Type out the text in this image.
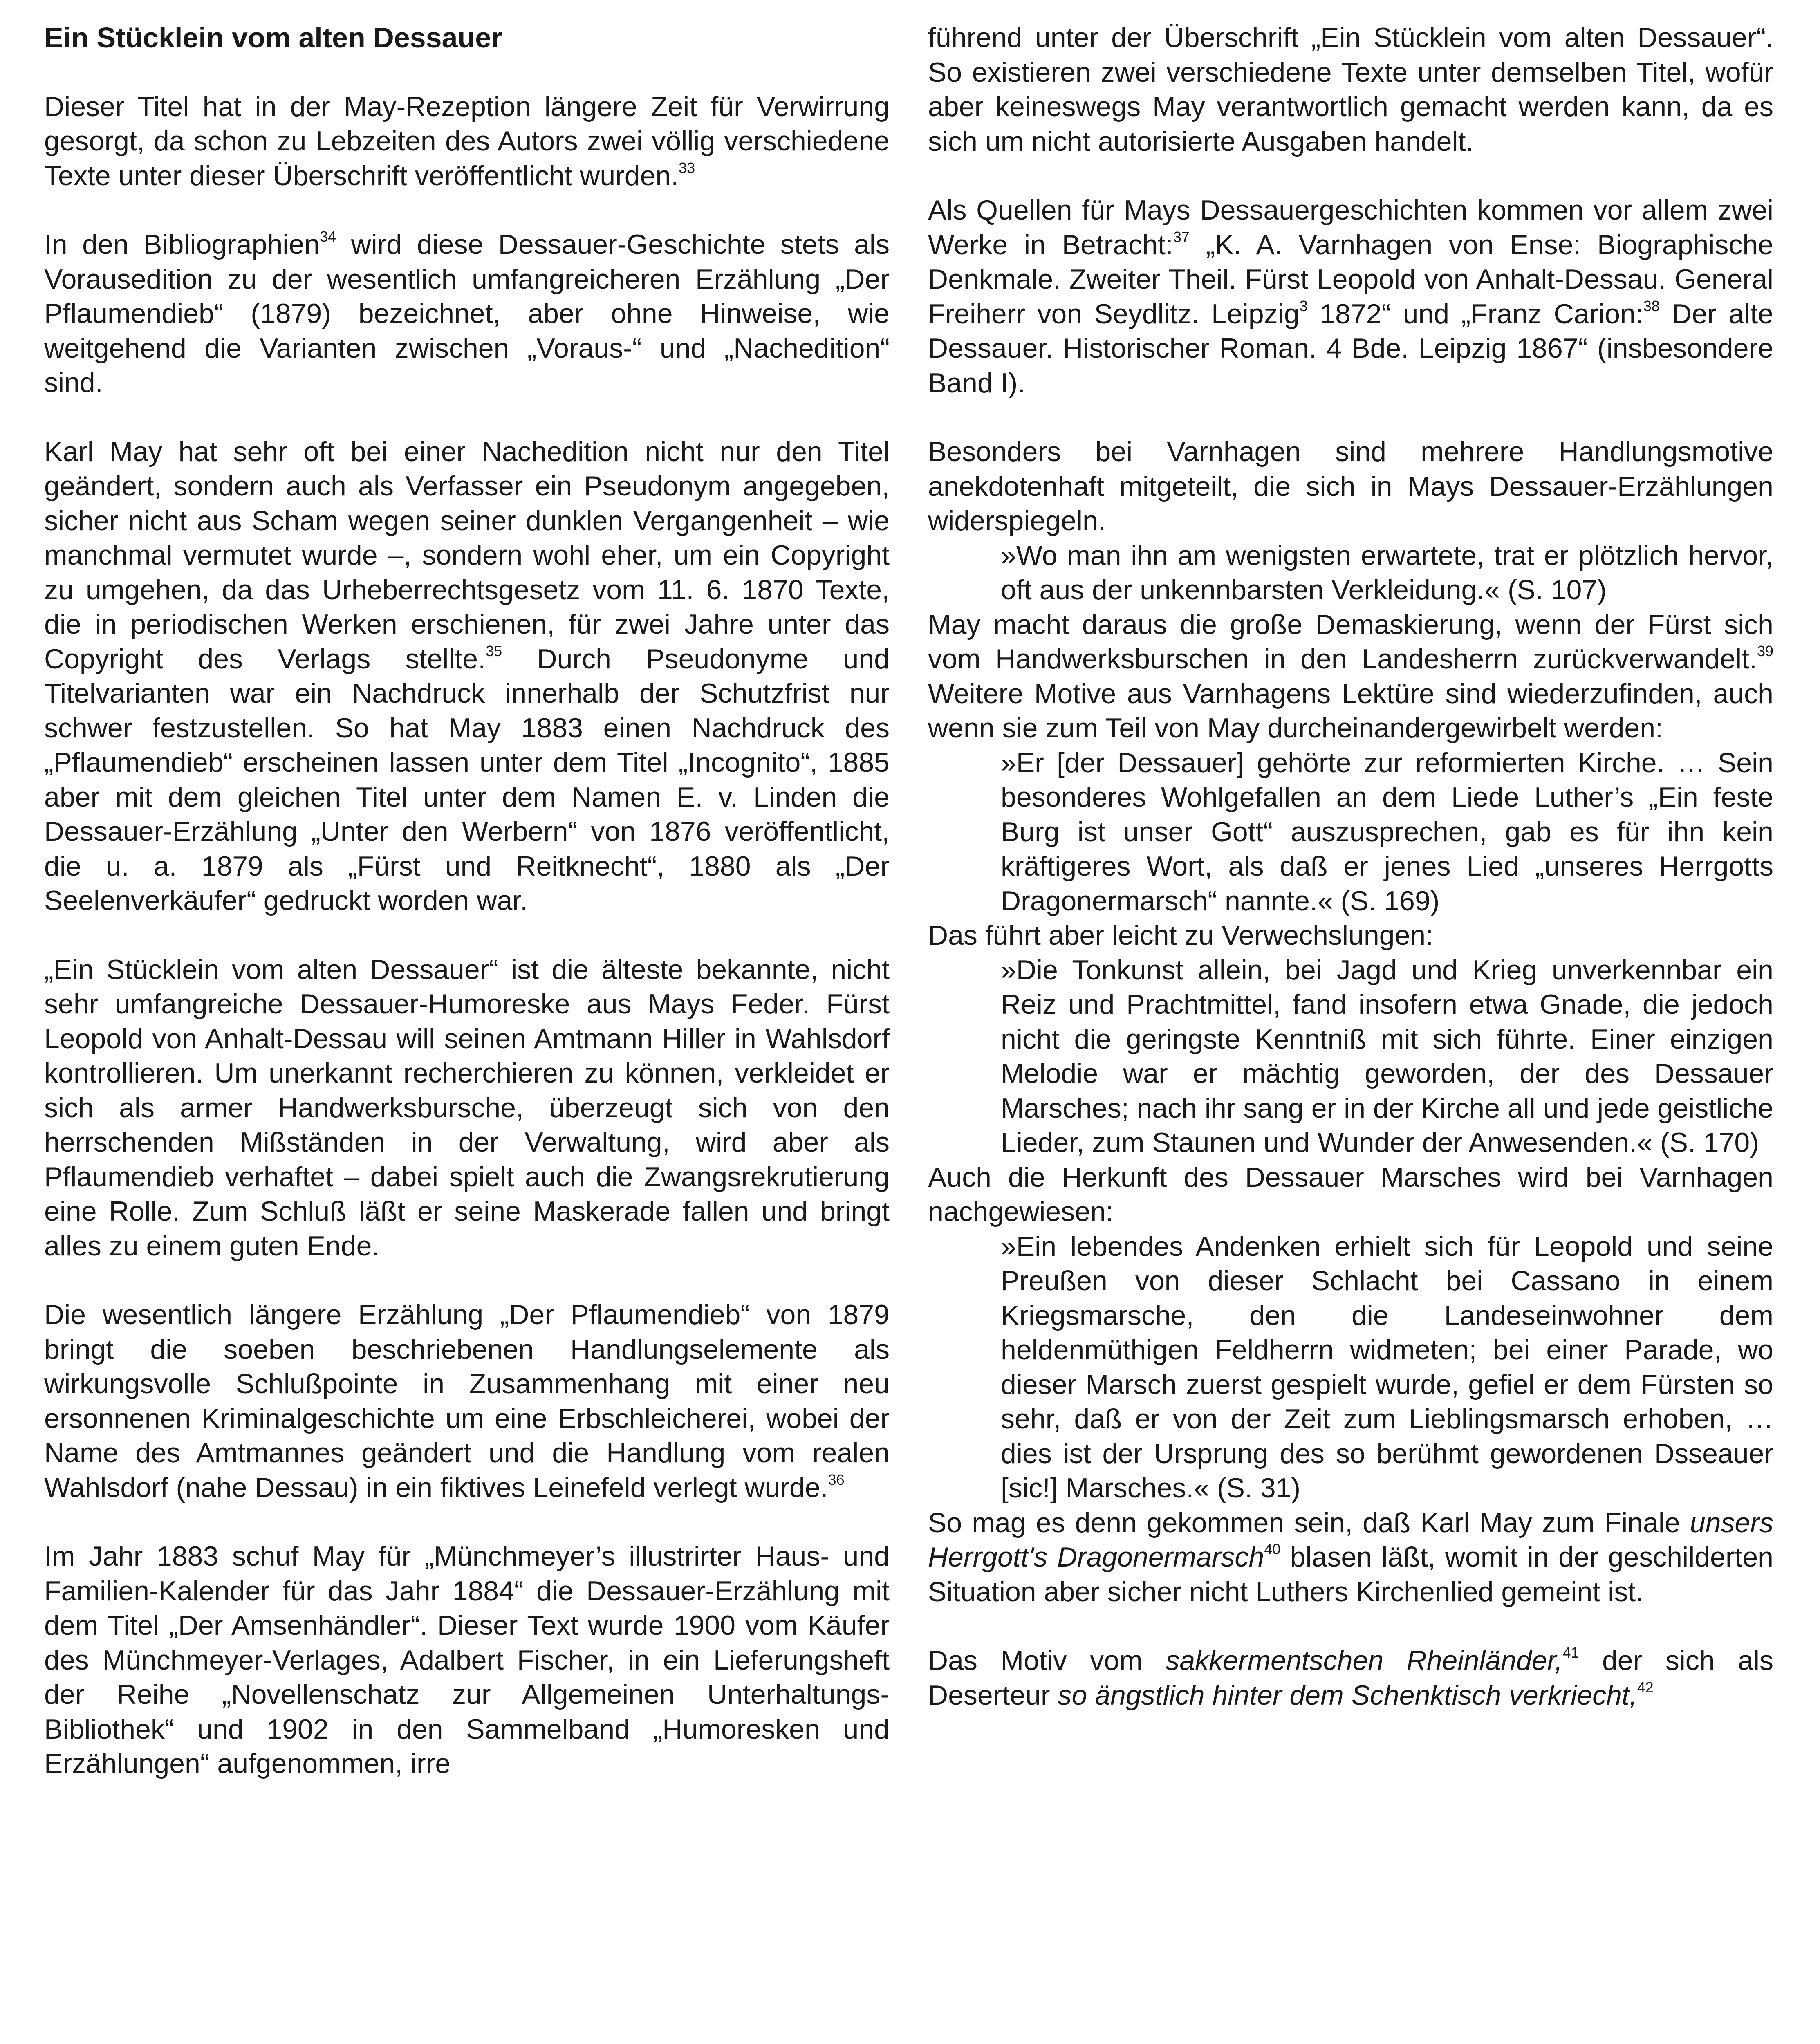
Ein Stücklein vom alten Dessauer

Dieser Titel hat in der May-Rezeption längere Zeit für Verwirrung gesorgt, da schon zu Lebzeiten des Autors zwei völlig verschiedene Texte unter dieser Überschrift veröffentlicht wurden.$^{33}$

In den Bibliographien$^{34}$ wird diese Dessauer-Geschichte stets als Vorausedition zu der wesentlich umfangreicheren Erzählung „Der Pflaumendieb“ (1879) bezeichnet, aber ohne Hinweise, wie weitgehend die Varianten zwischen „Voraus-“ und „Nachedition“ sind.

Karl May hat sehr oft bei einer Nachedition nicht nur den Titel geändert, sondern auch als Verfasser ein Pseudonym angegeben, sicher nicht aus Scham wegen seiner dunklen Vergangenheit – wie manchmal vermutet wurde –, sondern wohl eher, um ein Copyright zu umgehen, da das Urheberrechtsgesetz vom 11. 6. 1870 Texte, die in periodischen Werken erschienen, für zwei Jahre unter das Copyright des Verlags stellte.$^{35}$ Durch Pseudonyme und Titelvarianten war ein Nachdruck innerhalb der Schutzfrist nur schwer festzustellen. So hat May 1883 einen Nachdruck des „Pflaumendieb“ erscheinen lassen unter dem Titel „Incognito“, 1885 aber mit dem gleichen Titel unter dem Namen E. v. Linden die Dessauer-Erzählung „Unter den Werbern“ von 1876 veröffentlicht, die u. a. 1879 als „Fürst und Reitknecht“, 1880 als „Der Seelenverkäufer“ gedruckt worden war.

„Ein Stücklein vom alten Dessauer“ ist die älteste bekannte, nicht sehr umfangreiche Dessauer-Humoreske aus Mays Feder. Fürst Leopold von Anhalt-Dessau will seinen Amtmann Hiller in Wahlsdorf kontrollieren. Um unerkannt recherchieren zu können, verkleidet er sich als armer Handwerksbursche, überzeugt sich von den herrschenden Mißständen in der Verwaltung, wird aber als Pflaumendieb verhaftet – dabei spielt auch die Zwangsrekrutierung eine Rolle. Zum Schluß läßt er seine Maskerade fallen und bringt alles zu einem guten Ende.

Die wesentlich längere Erzählung „Der Pflaumendieb“ von 1879 bringt die soeben beschriebenen Handlungselemente als wirkungsvolle Schlußpointe in Zusammenhang mit einer neu ersonnenen Kriminalgeschichte um eine Erbschleicherei, wobei der Name des Amtmannes geändert und die Handlung vom realen Wahlsdorf (nahe Dessau) in ein fiktives Leinefeld verlegt wurde.$^{36}$

Im Jahr 1883 schuf May für „Münchmeyer’s illustrirter Haus- und Familien-Kalender für das Jahr 1884“ die Dessauer-Erzählung mit dem Titel „Der Amsenhändler“. Dieser Text wurde 1900 vom Käufer des Münchmeyer-Verlages, Adalbert Fischer, in ein Lieferungsheft der Reihe „Novellenschatz zur Allgemeinen Unterhaltungs-Bibliothek“ und 1902 in den Sammelband „Humoresken und Erzählungen“ aufgenommen, irre

führend unter der Überschrift „Ein Stücklein vom alten Dessauer“. So existieren zwei verschiedene Texte unter demselben Titel, wofür aber keineswegs May verantwortlich gemacht werden kann, da es sich um nicht autorisierte Ausgaben handelt.

Als Quellen für Mays Dessauergeschichten kommen vor allem zwei Werke in Betracht:$^{37}$ „K. A. Varnhagen von Ense: Biographische Denkmale. Zweiter Theil. Fürst Leopold von Anhalt-Dessau. General Freiherr von Seydlitz. Leipzig$^3$ 1872“ und „Franz Carion:$^{38}$ Der alte Dessauer. Historischer Roman. 4 Bde. Leipzig 1867“ (insbesondere Band I).

Besonders bei Varnhagen sind mehrere Handlungsmotive anekdotenhaft mitgeteilt, die sich in Mays Dessauer-Erzählungen widerspiegeln.

»Wo man ihn am wenigsten erwartete, trat er plötzlich hervor, oft aus der unkennbarsten Verkleidung.« (S. 107)

May macht daraus die große Demaskierung, wenn der Fürst sich vom Handwerksburschen in den Landesherrn zurückverwandelt.$^{39}$ Weitere Motive aus Varnhagens Lektüre sind wiederzufinden, auch wenn sie zum Teil von May durcheinandergewirbelt werden:

»Er [der Dessauer] gehörte zur reformierten Kirche. … Sein besonderes Wohlgefallen an dem Liede Luther’s „Ein feste Burg ist unser Gott“ auszusprechen, gab es für ihn kein kräftigeres Wort, als daß er jenes Lied „unseres Herrgotts Dragonermarsch“ nannte.« (S. 169)

Das führt aber leicht zu Verwechslungen:

»Die Tonkunst allein, bei Jagd und Krieg unverkennbar ein Reiz und Prachtmittel, fand insofern etwa Gnade, die jedoch nicht die geringste Kenntniß mit sich führte. Einer einzigen Melodie war er mächtig geworden, der des Dessauer Marsches; nach ihr sang er in der Kirche all und jede geistliche Lieder, zum Staunen und Wunder der Anwesenden.« (S. 170)

Auch die Herkunft des Dessauer Marsches wird bei Varnhagen nachgewiesen:

»Ein lebendes Andenken erhielt sich für Leopold und seine Preußen von dieser Schlacht bei Cassano in einem Kriegsmarsche, den die Landeseinwohner dem heldenmüthigen Feldherrn widmeten; bei einer Parade, wo dieser Marsch zuerst gespielt wurde, gefiel er dem Fürsten so sehr, daß er von der Zeit zum Lieblingsmarsch erhoben, … dies ist der Ursprung des so berühmt gewordenen Dsseauer [sic!] Marsches.« (S. 31)

So mag es denn gekommen sein, daß Karl May zum Finale unsers Herrgott's Dragonermarsch$^{40}$ blasen läßt, womit in der geschilderten Situation aber sicher nicht Luthers Kirchenlied gemeint ist.

Das Motiv vom sakkermentschen Rheinländer,$^{41}$ der sich als Deserteur so ängstlich hinter dem Schenktisch verkriecht,$^{42}$
